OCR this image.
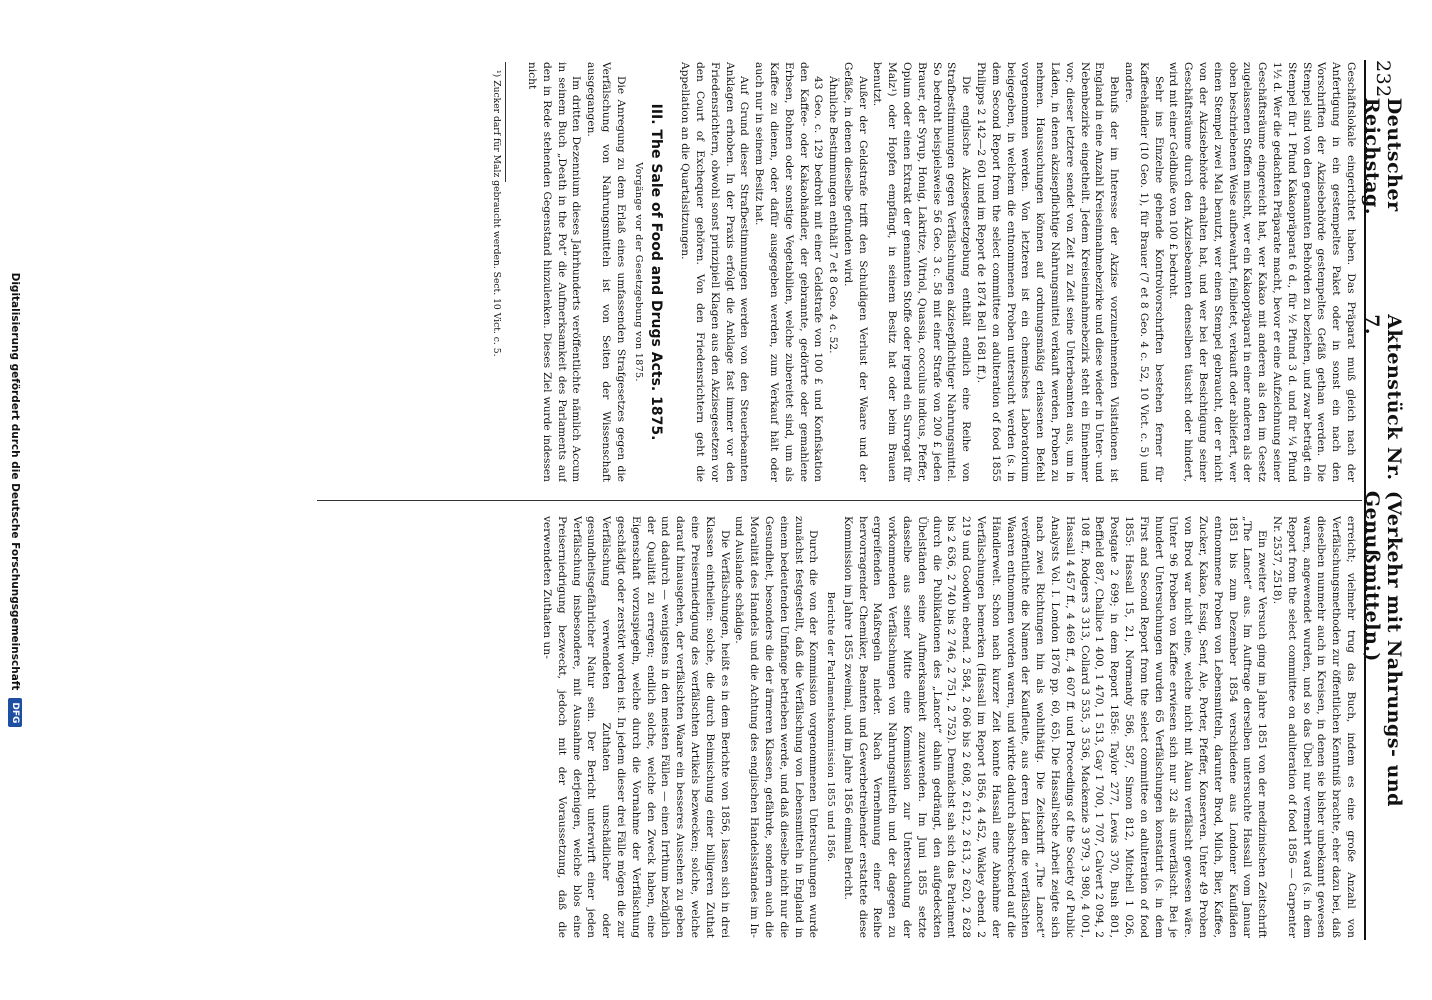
232
Deutscher Reichstag.
Aktenstück Nr. 7.
(Verkehr mit Nahrungs- und Genußmitteln.)

Geschäftslokale eingerichtet haben. Das Präparat muß gleich nach der Anfertigung in ein gestempeltes Paket oder in sonst ein nach den Vorschriften der Akzisebehörde gestempeltes Gefäß gethan werden. Die Stempel sind von den genannten Behörden zu beziehen, und zwar beträgt ein Stempel für 1 Pfund Kakaopräparat 6 d., für ½ Pfund 3 d. und für ¼ Pfund 1½ d. Wer die gedachten Präparate macht, bevor er eine Aufzeichnung seiner Geschäftsräume eingereicht hat, wer Kakao mit anderen als den im Gesetz zugelassenen Stoffen mischt, wer ein Kakaopräparat in einer anderen als der oben beschriebenen Weise aufbewahrt, feilbietet, verkauft oder abliefert, wer einen Stempel zwei Mal benutzt, wer einen Stempel gebraucht, der er nicht von der Akzisebehörde erhalten hat, und wer bei der Besichtigung seiner Geschäftsräume durch den Akzisebeamten denselben täuscht oder hindert, wird mit einer Geldbuße von 100 £ bedroht.

Sehr ins Einzelne gehende Kontrolvorschriften bestehen ferner für Kaffeehändler (10 Geo. 1), für Brauer (7 et 8 Geo. 4 c. 52, 10 Vict. c. 5) und andere.

Behufs der im Interesse der Akzise vorzunehmenden Visitationen ist England in eine Anzahl Kreiseinnahmebezirke und diese wieder in Unter- und Nebenbezirke eingetheilt. Jedem Kreiseinnahmebezirk steht ein Einnehmer vor; dieser letztere sendet von Zeit zu Zeit seine Unterbeamten aus, um in Läden, in denen akzisepflichtige Nahrungsmittel verkauft werden, Proben zu nehmen. Haussuchungen können auf ordnungsmäßig erlassenen Befehl vorgenommen werden. Von letzteren ist ein chemisches Laboratorium beigegeben, in welchem die entnommenen Proben untersucht werden (s. in dem Second Report from the select committee on adulteration of food 1855 Philipps 2 142—2 601 und im Report de 1874 Bell 1681 ff.).

Die englische Akzisegesetzgebung enthält endlich eine Reihe von Strafbestimmungen gegen Verfälschungen akzisepflichtiger Nahrungsmittel. So bedroht beispielsweise 56 Geo. 3 c. 58 mit einer Strafe von 200 £ jeden Brauer, der Syrup, Honig, Lakritze, Vitriol, Quassia, cocculus indicus, Pfeffer, Opium oder einen Extrakt der genannten Stoffe oder irgend ein Surrogat für Malz¹) oder Hopfen empfängt, in seinem Besitz hat oder beim Brauen benutzt.

Außer der Geldstrafe trifft den Schuldigen Verlust der Waare und der Gefäße, in denen dieselbe gefunden wird.

Ähnliche Bestimmungen enthält 7 et 8 Geo. 4 c. 52.

43 Geo. c. 129 bedroht mit einer Geldstrafe von 100 £ und Konfiskation den Kaffee- oder Kakaohändler, der gebrannte, gedörrte oder gemahlene Erbsen, Bohnen oder sonstige Vegetabilien, welche zubereitet sind, um als Kaffee zu dienen, oder dafür ausgegeben werden, zum Verkauf hält oder auch nur in seinem Besitz hat.

Auf Grund dieser Strafbestimmungen werden von den Steuerbeamten Anklagen erhoben. In der Praxis erfolgt die Anklage fast immer vor den Friedensrichtern, obwohl sonst prinzipiell Klagen aus den Akzisegesetzen vor den Court of Exchequer gehören. Von den Friedensrichtern geht die Appellation an die Quartalsitzungen.

III. The Sale of Food and Drugs Acts. 1875.

Vorgänge vor der Gesetzgebung von 1875.

Die Anregung zu dem Erlaß eines umfassenden Strafgesetzes gegen die Verfälschung von Nahrungsmitteln ist von Seiten der Wissenschaft ausgegangen.

Im dritten Dezennium dieses Jahrhunderts veröffentlichte nämlich Accum in seinem Buch „Death in the Pot“ die Aufmerksamkeit des Parlaments auf den in Rede stehenden Gegenstand hinzulenken. Dieses Ziel wurde indessen nicht

¹) Zucker darf für Malz gebraucht werden. Sect. 10 Vict. c. 5.

erreicht; vielmehr trug das Buch, indem es eine große Anzahl von Verfälschungsmethoden zur öffentlichen Kenntniß brachte, eher dazu bei, daß dieselben nunmehr auch in Kreisen, in denen sie bisher unbekannt gewesen waren, angewendet wurden, und so das Übel nur vermehrt ward (s. in dem Report from the select committee on adulteration of food 1856 — Carpenter Nr. 2537, 2518).

Ein zweiter Versuch ging im Jahre 1851 von der medizinischen Zeitschrift „The Lancet“ aus. Im Auftrage derselben untersuchte Hassall vom Januar 1851 bis zum Dezember 1854 verschiedene aus Londoner Kaufläden entnommene Proben von Lebensmitteln, darunter Brod, Milch, Bier, Kaffee, Zucker, Kakao, Essig, Senf, Ale, Porter, Pfeffer, Konserven. Unter 49 Proben von Brod war nicht eine, welche nicht mit Alaun verfälscht gewesen wäre. Unter 96 Proben von Kaffee erwiesen sich nur 32 als unverfälscht. Bei je hundert Untersuchungen wurden 65 Verfälschungen konstatirt (s. in dem First and Second Report from the select committee on adulteration of food 1855: Hassall 15, 21, Normandy 586, 587, Simon 812, Mitchell 1 026, Postgate 2 699; in dem Report 1856: Taylor 277, Lewis 370, Bush 801, Beffield 887, Challice 1 400, 1 470, 1 513, Gay 1 700, 1 707, Calvert 2 094, 2 108 ff., Rodgers 3 313, Collard 3 535, 3 536, Mackenzie 3 979, 3 980, 4 001, Hassall 4 457 ff., 4 469 ff., 4 607 ff. und Proceedings of the Society of Public Analysts Vol. I. London 1876 pp. 60, 65). Die Hassall'sche Arbeit zeigte sich nach zwei Richtungen hin als wohlthätig. Die Zeitschrift „The Lancet“ veröffentlichte die Namen der Kaufleute, aus deren Läden die verfälschten Waaren entnommen worden waren, und wirkte dadurch abschreckend auf die Händlerwelt. Schon nach kurzer Zeit konnte Hassall eine Abnahme der Verfälschungen bemerken (Hassall im Report 1856, 4 452, Wakley ebend. 2 219 und Goodwin ebend. 2 584, 2 606 bis 2 608, 2 612, 2 613, 2 620, 2 628 bis 2 636, 2 740 bis 2 746, 2 751, 2 752). Demnächst sah sich das Parlament durch die Publikationen des „Lancet“ dahin gedrängt, den aufgedeckten Übelständen seine Aufmerksamkeit zuzuwenden. Im Juni 1855 setzte dasselbe aus seiner Mitte eine Kommission zur Untersuchung der vorkommenden Verfälschungen von Nahrungsmitteln und der dagegen zu ergreifenden Maßregeln nieder. Nach Vernehmung einer Reihe hervorragender Chemiker, Beamten und Gewerbetreibender erstattete diese Kommission im Jahre 1855 zweimal, und im Jahre 1856 einmal Bericht.

Berichte der Parlamentskommission 1855 und 1856.

Durch die von der Kommission vorgenommenen Untersuchungen wurde zunächst festgestellt, daß die Verfälschung von Lebensmitteln in England in einem bedeutenden Umfange betrieben werde, und daß dieselbe nicht nur die Gesundheit, besonders die der ärmeren Klassen, gefährde, sondern auch die Moralität des Handels und die Achtung des englischen Handelsstandes im In- und Auslande schädige.

Die Verfälschungen, heißt es in dem Berichte von 1856, lassen sich in drei Klassen eintheilen: solche, die durch Beimischung einer billigeren Zuthat eine Preiserniedrigung des verfälschten Artikels bezwecken; solche, welche darauf hinausgehen, der verfälschten Waare ein besseres Aussehen zu geben und dadurch — wenigstens in den meisten Fällen — einen Irrthum bezüglich der Qualität zu erregen; endlich solche, welche den Zweck haben, eine Eigenschaft vorzuspiegeln, welche durch die Vornahme der Verfälschung geschädigt oder zerstört worden ist. In jedem dieser drei Fälle mögen die zur Verfälschung verwendeten Zuthaten unschädlicher oder gesundheitsgefährlicher Natur sein. Der Bericht unterwirft einer jeden Verfälschung insbesondere, mit Ausnahme derjenigen, welche blos eine Preiserniedrigung bezweckt, jedoch mit der Voraussetzung, daß die verwendeten Zuthaten un-

Digitalisierung gefördert durch die Deutsche Forschungsgemeinschaft
DFG
